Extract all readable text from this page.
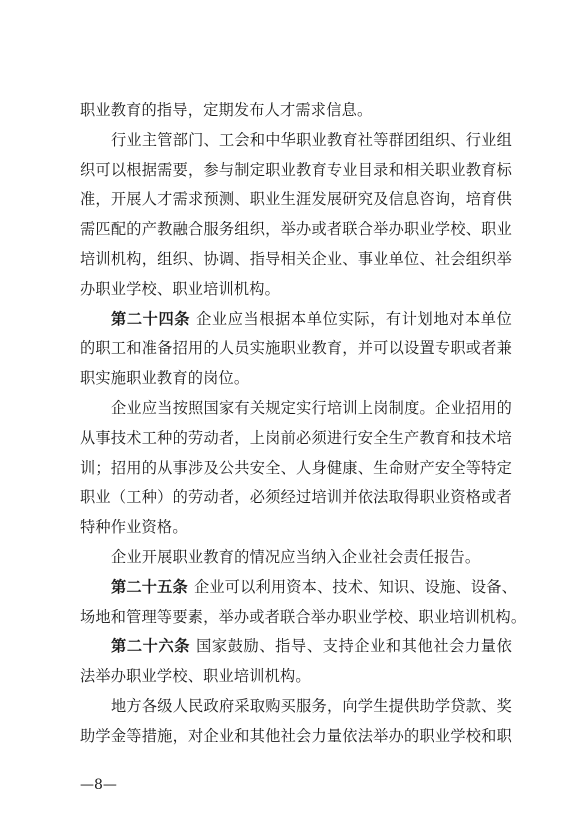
职业教育的指导，定期发布人才需求信息。
行业主管部门、工会和中华职业教育社等群团组织、行业组
织可以根据需要，参与制定职业教育专业目录和相关职业教育标
准，开展人才需求预测、职业生涯发展研究及信息咨询，培育供
需匹配的产教融合服务组织，举办或者联合举办职业学校、职业
培训机构，组织、协调、指导相关企业、事业单位、社会组织举
办职业学校、职业培训机构。
第二十四条 企业应当根据本单位实际，有计划地对本单位
的职工和准备招用的人员实施职业教育，并可以设置专职或者兼
职实施职业教育的岗位。
企业应当按照国家有关规定实行培训上岗制度。企业招用的
从事技术工种的劳动者，上岗前必须进行安全生产教育和技术培
训；招用的从事涉及公共安全、人身健康、生命财产安全等特定
职业（工种）的劳动者，必须经过培训并依法取得职业资格或者
特种作业资格。
企业开展职业教育的情况应当纳入企业社会责任报告。
第二十五条 企业可以利用资本、技术、知识、设施、设备、
场地和管理等要素，举办或者联合举办职业学校、职业培训机构。
第二十六条 国家鼓励、指导、支持企业和其他社会力量依
法举办职业学校、职业培训机构。
地方各级人民政府采取购买服务，向学生提供助学贷款、奖
助学金等措施，对企业和其他社会力量依法举办的职业学校和职
—8—
